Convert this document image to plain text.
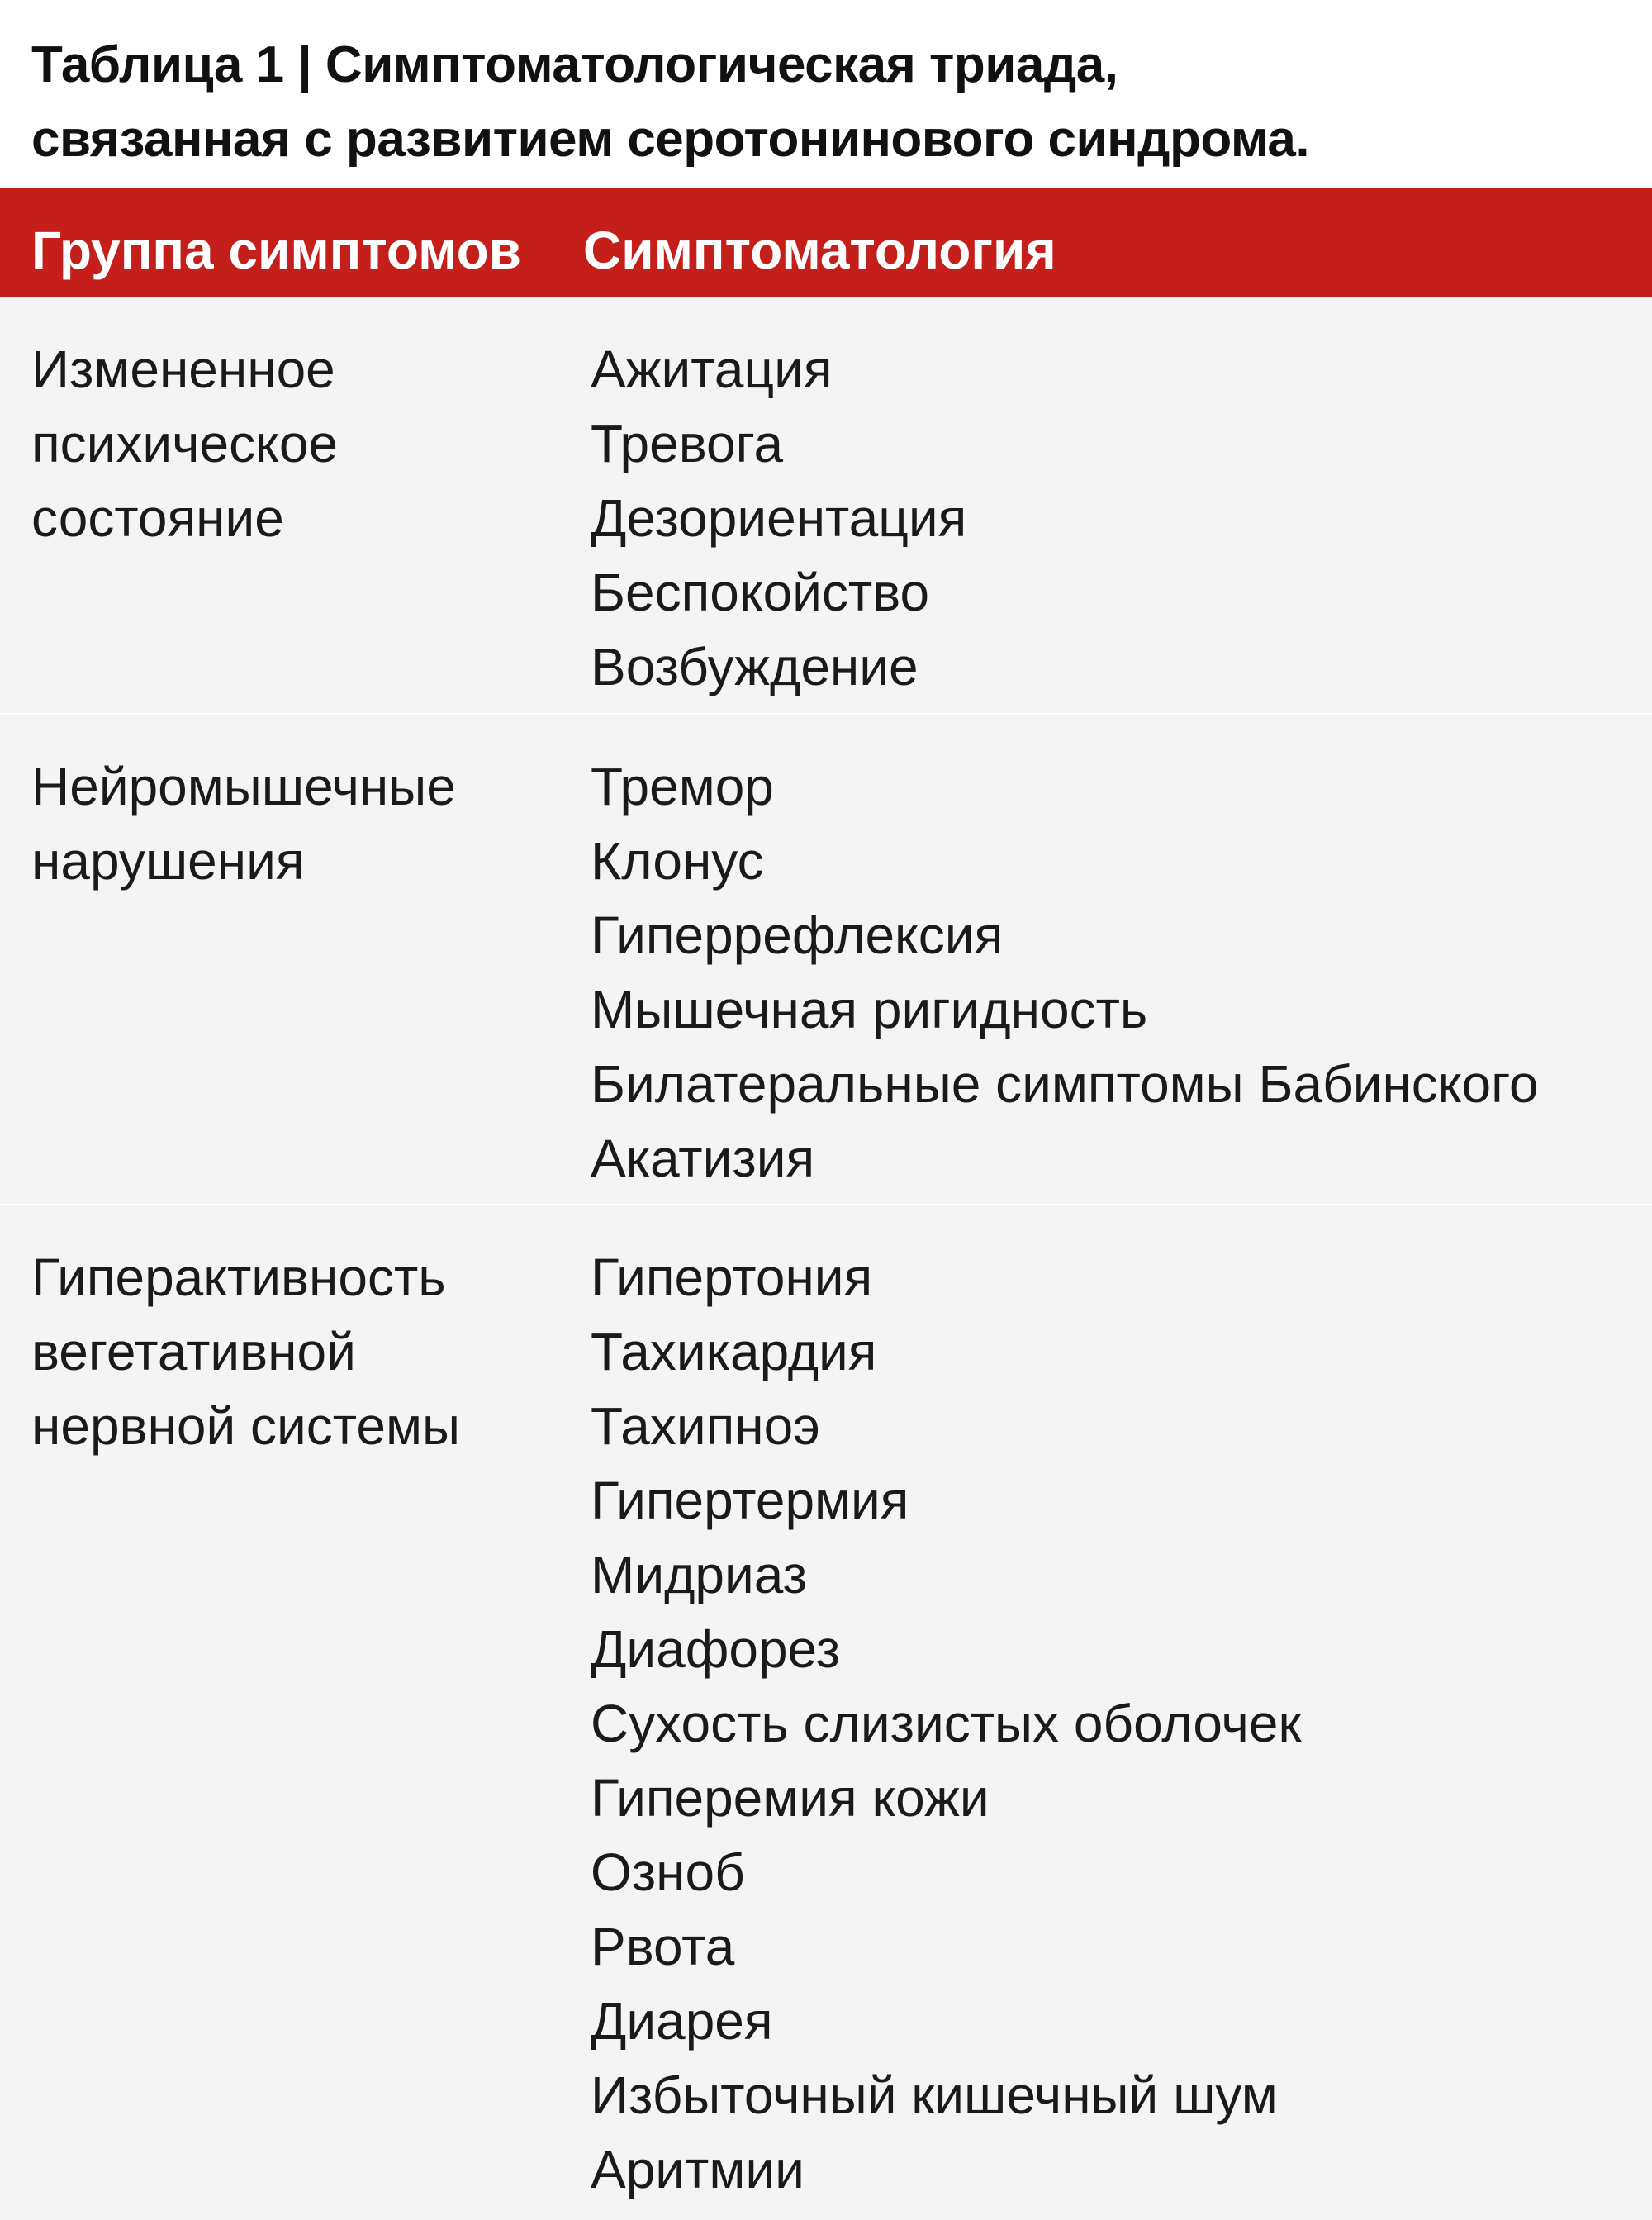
Таблица 1 | Симптоматологическая триада,
связанная с развитием серотонинового синдрома.
Группа симптомов Симптоматология
Измененное
психическое
состояние
Ажитация
Тревога
Дезориентация
Беспокойство
Возбуждение
Нейромышечные
нарушения
Тремор
Клонус
Гиперрефлексия
Мышечная ригидность
Билатеральные симптомы Бабинского
Акатизия
Гиперактивность
вегетативной
нервной системы
Гипертония
Тахикардия
Тахипноэ
Гипертермия
Мидриаз
Диафорез
Сухость слизистых оболочек
Гиперемия кожи
Озноб
Рвота
Диарея
Избыточный кишечный шум
Аритмии
